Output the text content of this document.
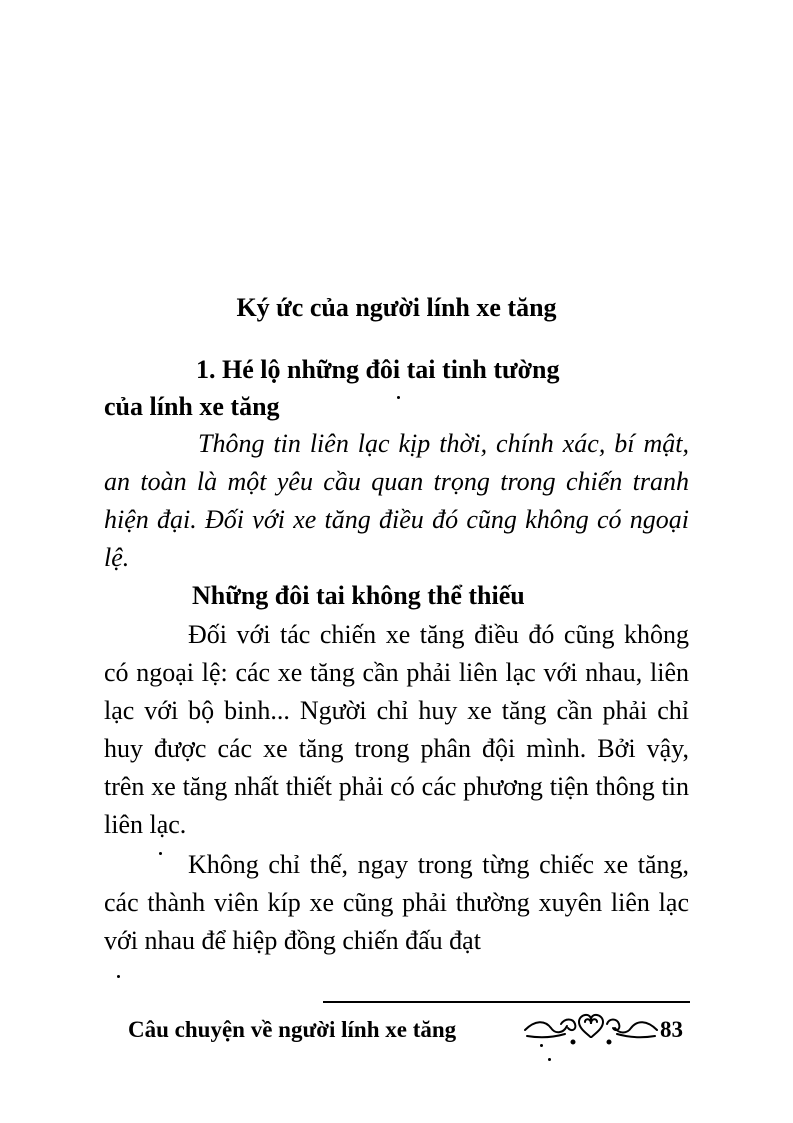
Ký ức của người lính xe tăng
1. Hé lộ những đôi tai tinh tường
của lính xe tăng
Thông tin liên lạc kịp thời, chính xác, bí mật, an toàn là một yêu cầu quan trọng trong chiến tranh hiện đại. Đối với xe tăng điều đó cũng không có ngoại lệ.
Những đôi tai không thể thiếu
Đối với tác chiến xe tăng điều đó cũng không có ngoại lệ: các xe tăng cần phải liên lạc với nhau, liên lạc với bộ binh... Người chỉ huy xe tăng cần phải chỉ huy được các xe tăng trong phân đội mình. Bởi vậy, trên xe tăng nhất thiết phải có các phương tiện thông tin liên lạc.
Không chỉ thế, ngay trong từng chiếc xe tăng, các thành viên kíp xe cũng phải thường xuyên liên lạc với nhau để hiệp đồng chiến đấu đạt
Câu chuyện về người lính xe tăng	83
